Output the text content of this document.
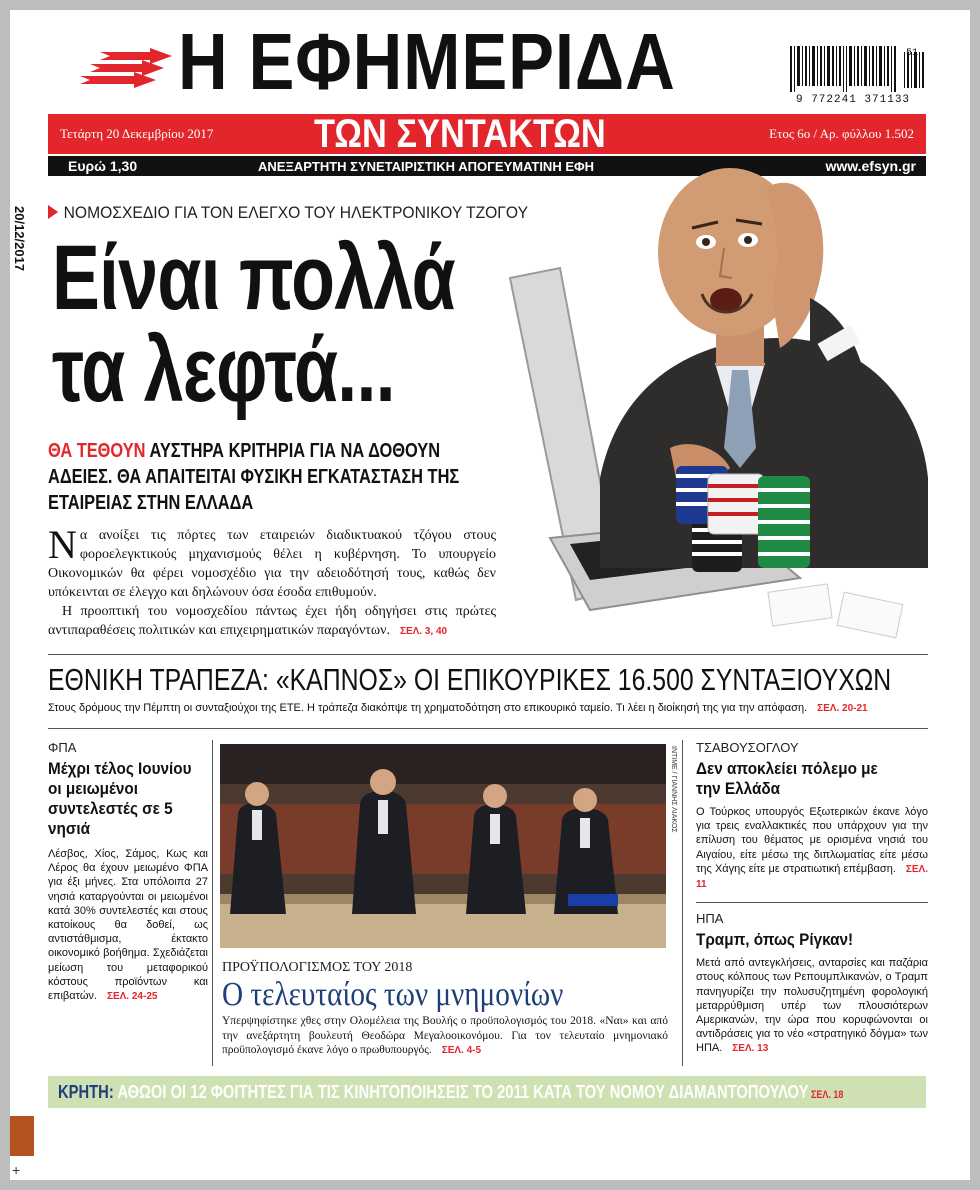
Η ΕΦΗΜΕΡΙΔΑ	51
9 772241 371133
Τετάρτη 20 Δεκεμβρίου 2017	ΤΩΝ ΣΥΝΤΑΚΤΩΝ	Ετος 6ο / Αρ. φύλλου 1.502
Ευρώ 1,30	ΑΝΕΞΑΡΤΗΤΗ ΣΥΝΕΤΑΙΡΙΣΤΙΚΗ ΑΠΟΓΕΥΜΑΤΙΝΗ ΕΦΗ	www.efsyn.gr
20/12/2017	ΝΟΜΟΣΧΕΔΙΟ ΓΙΑ ΤΟΝ ΕΛΕΓΧΟ ΤΟΥ ΗΛΕΚΤΡΟΝΙΚΟΥ ΤΖΟΓΟΥ
Είναι πολλά
τα λεφτά...
ΘΑ ΤΕΘΟΥΝ ΑΥΣΤΗΡΑ ΚΡΙΤΗΡΙΑ ΓΙΑ ΝΑ ΔΟΘΟΥΝ ΑΔΕΙΕΣ. ΘΑ ΑΠΑΙΤΕΙΤΑΙ ΦΥΣΙΚΗ ΕΓΚΑΤΑΣΤΑΣΗ ΤΗΣ ΕΤΑΙΡΕΙΑΣ ΣΤΗΝ ΕΛΛΑΔΑ

Να ανοίξει τις πόρτες των εταιρειών διαδικτυακού τζόγου στους φοροελεγκτικούς μηχανισμούς θέλει η κυβέρνηση. Το υπουργείο Οικονομικών θα φέρει νομοσχέδιο για την αδειοδότησή τους, καθώς δεν υπόκεινται σε έλεγχο και δηλώνουν όσα έσοδα επιθυμούν.

Η προοπτική του νομοσχεδίου πάντως έχει ήδη οδηγήσει στις πρώτες αντιπαραθέσεις πολιτικών και επιχειρηματικών παραγόντων. ΣΕΛ. 3, 40

ΕΘΝΙΚΗ ΤΡΑΠΕΖΑ: «ΚΑΠΝΟΣ» ΟΙ ΕΠΙΚΟΥΡΙΚΕΣ 16.500 ΣΥΝΤΑΞΙΟΥΧΩΝ
Στους δρόμους την Πέμπτη οι συνταξιούχοι της ΕΤΕ. Η τράπεζα διακόπψε τη χρηματοδότηση στο επικουρικό ταμείο. Τι λέει η διοίκησή της για την απόφαση. ΣΕΛ. 20-21
ΦΠΑ
Μέχρι τέλος Ιουνίου οι μειωμένοι συντελεστές σε 5 νησιά
Λέσβος, Χίος, Σάμος, Κως και Λέρος θα έχουν μειωμένο ΦΠΑ για έξι μήνες. Στα υπόλοιπα 27 νησιά καταργούνται οι μειωμένοι κατά 30% συντελεστές και στους κατοίκους θα δοθεί, ως αντιστάθμισμα, έκτακτο οικονομικό βοήθημα. Σχεδιάζεται μείωση του μεταφορικού κόστους προϊόντων και επιβατών. ΣΕΛ. 24-25
ΙΝΤΙΜΕ / ΓΙΑΝΝΗΣ ΛΙΑΚΟΣ
ΠΡΟΫΠΟΛΟΓΙΣΜΟΣ ΤΟΥ 2018
Ο τελευταίος των μνημονίων
Υπερψηφίστηκε χθες στην Ολομέλεια της Βουλής ο προϋπολογισμός του 2018. «Ναι» και από την ανεξάρτητη βουλευτή Θεοδώρα Μεγαλοοικονόμου. Για τον τελευταίο μνημονιακό προϋπολογισμό έκανε λόγο ο πρωθυπουργός. ΣΕΛ. 4-5
ΤΣΑΒΟΥΣΟΓΛΟΥ
Δεν αποκλείει πόλεμο με την Ελλάδα
Ο Τούρκος υπουργός Εξωτερικών έκανε λόγο για τρεις εναλλακτικές που υπάρχουν για την επίλυση του θέματος με ορισμένα νησιά του Αιγαίου, είτε μέσω της διπλωματίας είτε μέσω της Χάγης είτε με στρατιωτική επέμβαση. ΣΕΛ. 11
ΗΠΑ
Τραμπ, όπως Ρίγκαν!
Μετά από αντεγκλήσεις, ανταρσίες και παζάρια στους κόλπους των Ρεπουμπλικανών, ο Τραμπ πανηγυρίζει την πολυσυζητημένη φορολογική μεταρρύθμιση υπέρ των πλουσιότερων Αμερικανών, την ώρα που κορυφώνονται οι αντιδράσεις για το νέο «στρατηγικό δόγμα» των ΗΠΑ. ΣΕΛ. 13
ΚΡΗΤΗ: ΑΘΩΟΙ ΟΙ 12 ΦΟΙΤΗΤΕΣ ΓΙΑ ΤΙΣ ΚΙΝΗΤΟΠΟΙΗΣΕΙΣ ΤΟ 2011 ΚΑΤΑ ΤΟΥ ΝΟΜΟΥ ΔΙΑΜΑΝΤΟΠΟΥΛΟΥ ΣΕΛ. 18
+
